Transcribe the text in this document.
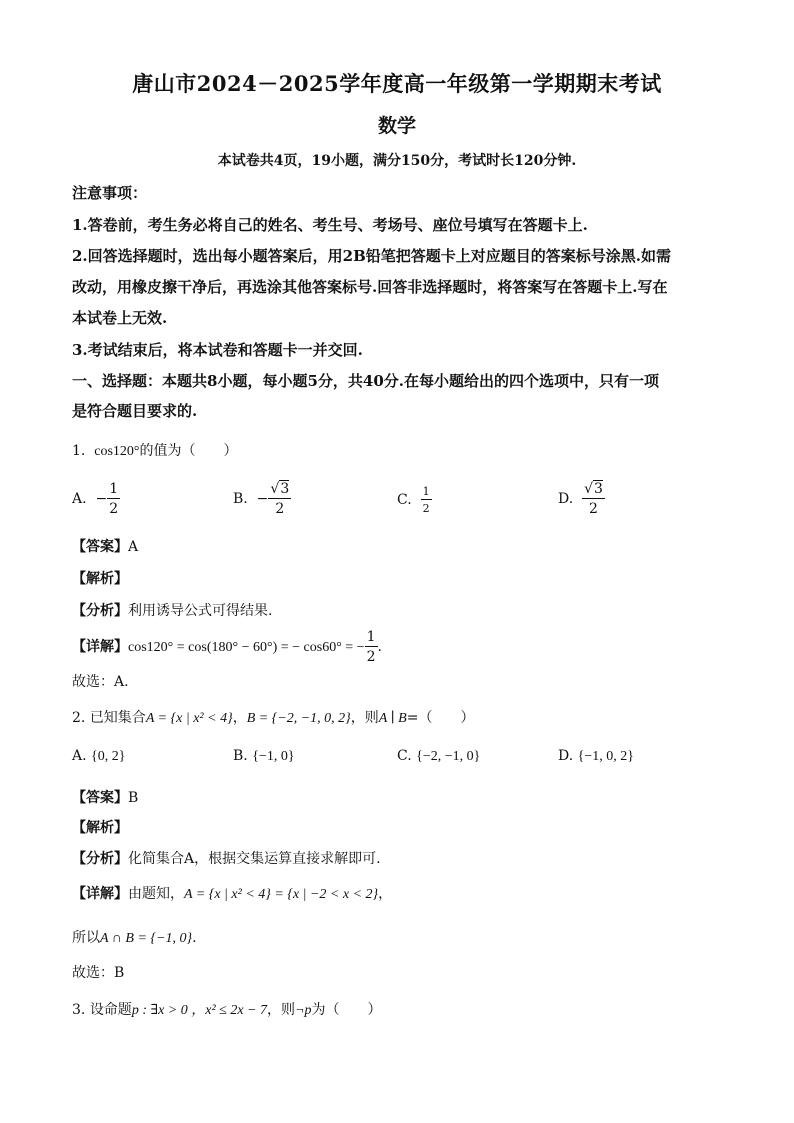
唐山市2024－2025学年度高一年级第一学期期末考试
数学
本试卷共4页，19小题，满分150分，考试时长120分钟.
注意事项：
1.答卷前，考生务必将自己的姓名、考生号、考场号、座位号填写在答题卡上.
2.回答选择题时，选出每小题答案后，用2B铅笔把答题卡上对应题目的答案标号涂黑.如需
改动，用橡皮擦干净后，再选涂其他答案标号.回答非选择题时，将答案写在答题卡上.写在
本试卷上无效.
3.考试结束后，将本试卷和答题卡一并交回.
一、选择题：本题共8小题，每小题5分，共40分.在每小题给出的四个选项中，只有一项
是符合题目要求的.
1. cos120°的值为（　　）
A. − $\frac{1}{2}$	B. − $\frac{√3}{2}$	C. $\frac{1}{2}$	D. $\frac{√3}{2}$
【答案】A
【解析】
【分析】利用诱导公式可得结果.
【详解】cos120° = cos(180° − 60°) = − cos60° = − $\frac{1}{2}$ .
故选：A.
2. 已知集合A = {x | x² < 4}，B = {−2, −1, 0, 2}，则A ∣ B=（　　）
A. {0, 2}	B. {−1, 0}	C. {−2, −1, 0}	D. {−1, 0, 2}
【答案】B
【解析】
【分析】化简集合A，根据交集运算直接求解即可.
【详解】由题知，A = {x | x² < 4} = {x | −2 < x < 2}，
所以A ∩ B = {−1, 0}.
故选：B
3. 设命题p : ∃x > 0 ，x² ≤ 2x − 7，则¬p为（　　）
